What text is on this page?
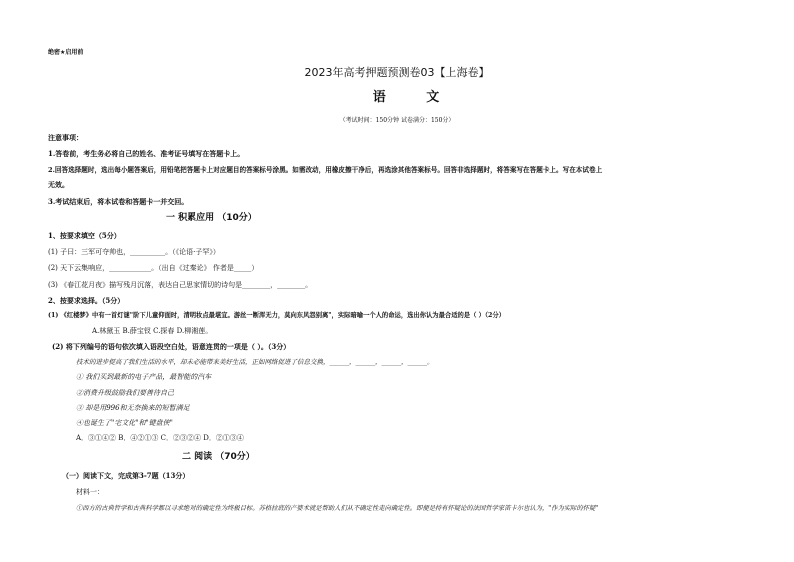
绝密★启用前
2023年高考押题预测卷03【上海卷】
语 文
（考试时间：150分钟 试卷满分：150分）
注意事项：
1.答卷前，考生务必将自己的姓名、准考证号填写在答题卡上。
2.回答选择题时，选出每小题答案后，用铅笔把答题卡上对应题目的答案标号涂黑。如需改动，用橡皮擦干净后，再选涂其他答案标号。回答非选择题时，将答案写在答题卡上。写在本试卷上
无效。
3.考试结束后，将本试卷和答题卡一并交回。
一 积累应用 （10分）
1、按要求填空（5分）
(1) 子曰：三军可夺帅也，__________。（《论语·子罕》）
(2) 天下云集响应，____________。（出自《过秦论》 作者是_____）
(3) 《春江花月夜》描写残月沉落，表达自己思家情切的诗句是________，________。
2、按要求选择。（5分）
(1) 《红楼梦》中有一首灯谜"阶下儿童仰面时，清明妆点最堪宜。游丝一断浑无力，莫向东风怨别离"，实际暗喻一个人的命运，选出你认为最合适的是（ ）（2分）
A.林黛玉 B.薛宝钗 C.探春 D.柳湘莲。
(2) 将下列编号的语句依次填入语段空白处，语意连贯的一项是（ ）。（3分）
技术的进步提高了我们生活的水平，却未必能带来美好生活，正如网络促进了信息交换，______，______，______，______。
① 我们买到最新的电子产品，最智能的汽车
②消费升级鼓励我们要善待自己
③ 却是用996和无奈换来的短暂满足
④也诞生了"宅文化"和"键盘侠"
A．③①④② B．④②①③ C．②③②④ D．②①③④
二 阅读 （70分）
（一）阅读下文，完成第3-7题（13分）
材料一：
①西方的古典哲学和古典科学都以寻求绝对的确定性为终极目标。苏格拉底的产婆术就是帮助人们从不确定性走向确定性。即便是持有怀疑论的法国哲学家笛卡尔也认为，"作为实际的怀疑"
